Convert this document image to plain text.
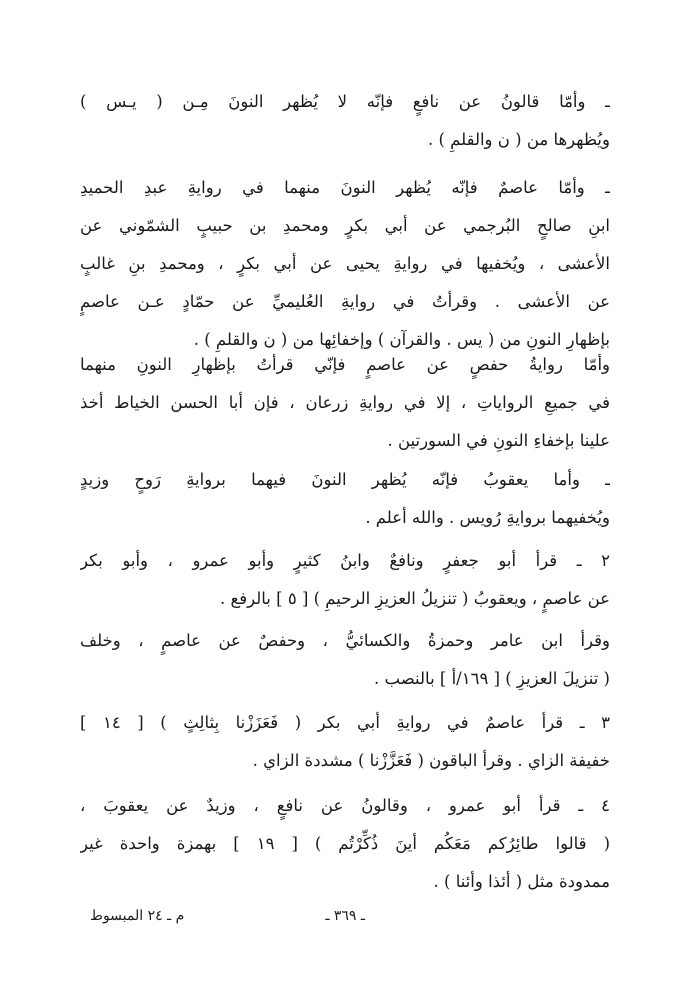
ـ وأمّا قالونُ عن نافعٍ فإنّه لا يُظهر النونَ مِـن ( يـس )
ويُظهرها من ( ن والقلمِ ) .
ـ وأمّا عاصمٌ فإنّه يُظهر النونَ منهما في روايةِ عبدِ الحميدِ
ابنِ صالحٍ البُرجمي عن أبي بكرٍ ومحمدِ بن حبيبٍ الشمّوني عن
الأعشى ، ويُخفيها في روايةِ يحيى عن أبي بكرٍ ، ومحمدِ بنِ غالبٍ
عن الأعشى . وقرأتُ في روايةِ العُليميِّ عن حمّادٍ عـن عاصمٍ
بإظهارِ النونِ من ( يس . والقرآن ) وإخفائِها من ( ن والقلمِ ) .
وأمّا روايةُ حفصٍ عن عاصمٍ فإنّي قرأتُ بإظهارِ النونِ منهما
في جميعِ الرواياتِ ، إلا في روايةِ زرعان ، فإن أبا الحسن الخياط أخذ
علينا بإخفاءِ النونِ في السورتين .
ـ وأما يعقوبُ فإنّه يُظهر النونَ فيهما بروايةِ رَوحٍ وزيدٍ
ويُخفيهما بروايةِ رُويس . والله أعلم .
٢ ـ قرأ أبو جعفرٍ ونافعٌ وابنُ كثيرٍ وأبو عمرو ، وأبو بكر
عن عاصمٍ ، ويعقوبُ ( تنزيلُ العزيزِ الرحيمِ ) [ ٥ ] بالرفع .
وقرأ ابن عامر وحمزةُ والكسائيُّ ، وحفصٌ عن عاصمٍ ، وخلف
( تنزيلَ العزيزِ ) [ ١٦٩/أ ] بالنصب .
٣ ـ قرأ عاصمٌ في روايةِ أبي بكر ( فَعَزَزْنا بِثالِثٍ ) [ ١٤ ]
خفيفة الزاي . وقرأ الباقون ( فَعَزَّزْنا ) مشددة الزاي .
٤ ـ قرأ أبو عمرو ، وقالونُ عن نافعٍ ، وزيدٌ عن يعقوبَ ،
( قالوا طائِرُكم مَعَكُم أينَ ذُكِّرْتُم ) [ ١٩ ] بهمزة واحدة غير
ممدودة مثل ( أئذا وأئنا ) .
ـ ٣٦٩ ـ
م ـ ٢٤ المبسوط
